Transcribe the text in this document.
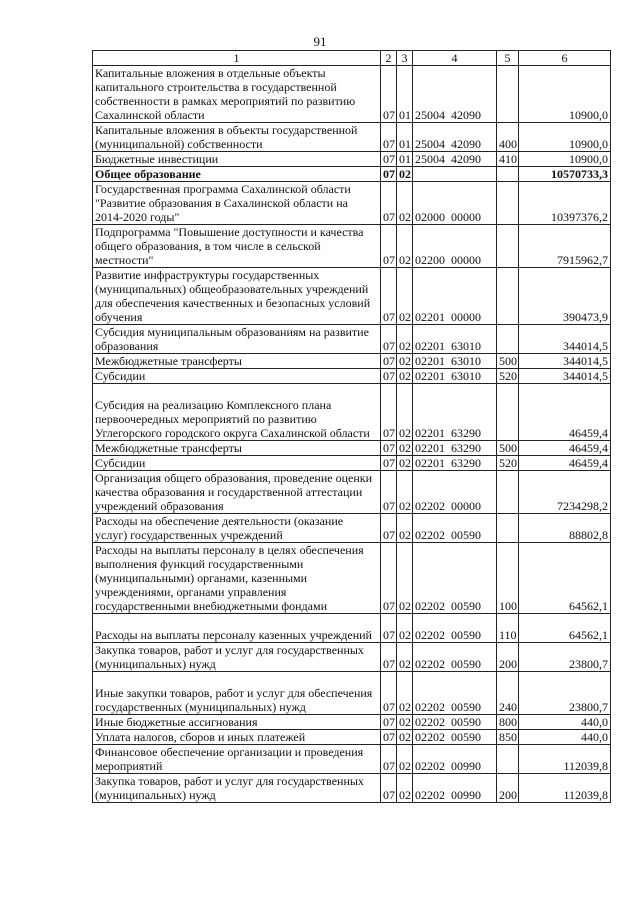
91
1	2	3	4	5	6
Капитальные вложения в отдельные объекты капитального строительства в государственной собственности в рамках мероприятий по развитию Сахалинской области	07	01	25004 42090		10900,0
Капитальные вложения в объекты государственной (муниципальной) собственности	07	01	25004 42090	400	10900,0
Бюджетные инвестиции	07	01	25004 42090	410	10900,0
Общее образование	07	02			10570733,3
Государственная программа Сахалинской области "Развитие образования в Сахалинской области на 2014-2020 годы"	07	02	02000 00000		10397376,2
Подпрограмма "Повышение доступности и качества общего образования, в том числе в сельской местности"	07	02	02200 00000		7915962,7
Развитие инфраструктуры государственных (муниципальных) общеобразовательных учреждений для обеспечения качественных и безопасных условий обучения	07	02	02201 00000		390473,9
Субсидия муниципальным образованиям на развитие образования	07	02	02201 63010		344014,5
Межбюджетные трансферты	07	02	02201 63010	500	344014,5
Субсидии	07	02	02201 63010	520	344014,5
Субсидия на реализацию Комплексного плана первоочередных мероприятий по развитию Углегорского городского округа Сахалинской области	07	02	02201 63290		46459,4
Межбюджетные трансферты	07	02	02201 63290	500	46459,4
Субсидии	07	02	02201 63290	520	46459,4
Организация общего образования, проведение оценки качества образования и государственной аттестации учреждений образования	07	02	02202 00000		7234298,2
Расходы на обеспечение деятельности (оказание услуг) государственных учреждений	07	02	02202 00590		88802,8
Расходы на выплаты персоналу в целях обеспечения выполнения функций государственными (муниципальными) органами, казенными учреждениями, органами управления государственными внебюджетными фондами	07	02	02202 00590	100	64562,1
Расходы на выплаты персоналу казенных учреждений	07	02	02202 00590	110	64562,1
Закупка товаров, работ и услуг для государственных (муниципальных) нужд	07	02	02202 00590	200	23800,7
Иные закупки товаров, работ и услуг для обеспечения государственных (муниципальных) нужд	07	02	02202 00590	240	23800,7
Иные бюджетные ассигнования	07	02	02202 00590	800	440,0
Уплата налогов, сборов и иных платежей	07	02	02202 00590	850	440,0
Финансовое обеспечение организации и проведения мероприятий	07	02	02202 00990		112039,8
Закупка товаров, работ и услуг для государственных (муниципальных) нужд	07	02	02202 00990	200	112039,8
